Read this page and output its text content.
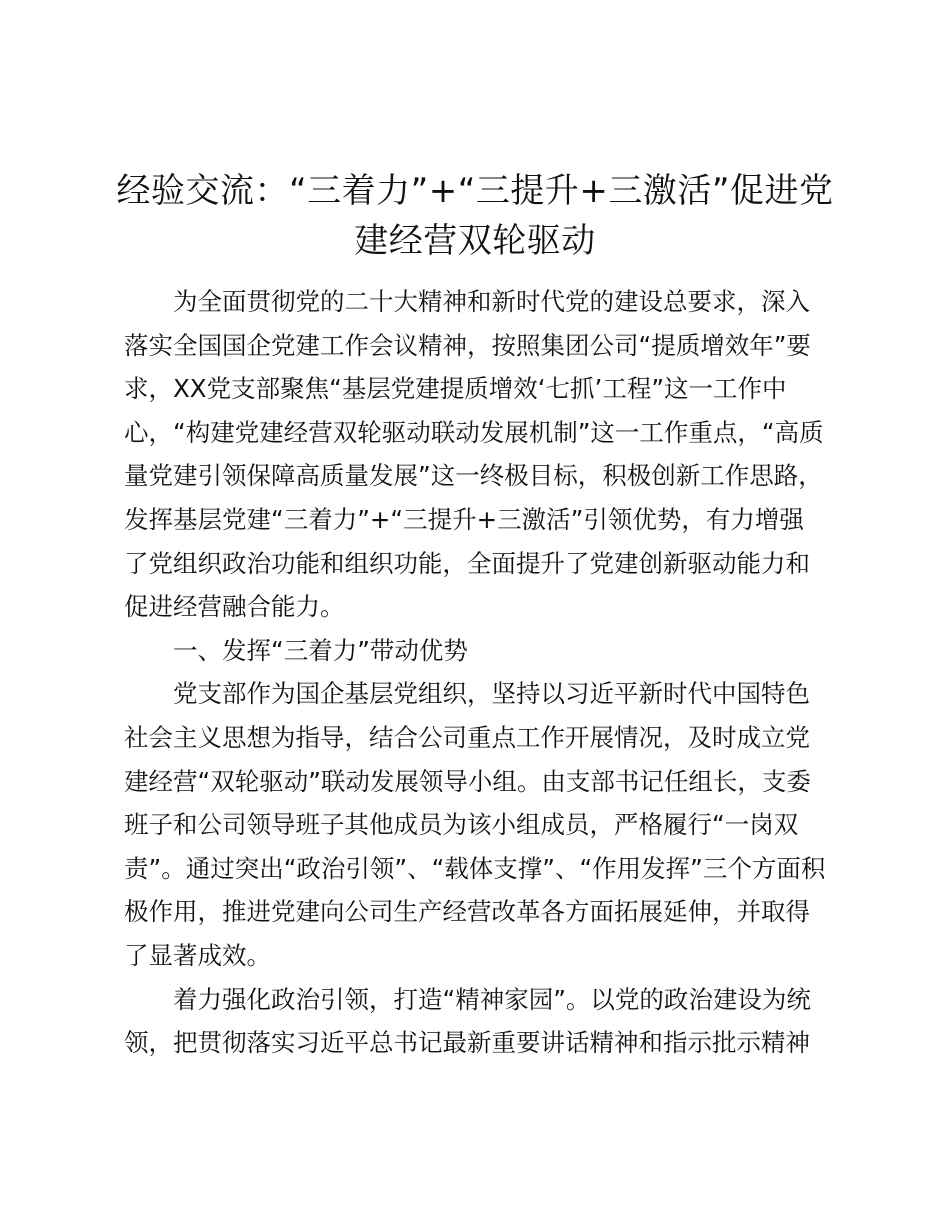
经验交流：“三着力”+“三提升+三激活”促进党
建经营双轮驱动
为全面贯彻党的二十大精神和新时代党的建设总要求，深入
落实全国国企党建工作会议精神，按照集团公司“提质增效年”要
求，XX党支部聚焦“基层党建提质增效‘七抓’工程”这一工作中
心，“构建党建经营双轮驱动联动发展机制”这一工作重点，“高质
量党建引领保障高质量发展”这一终极目标，积极创新工作思路，
发挥基层党建“三着力”+“三提升+三激活”引领优势，有力增强
了党组织政治功能和组织功能，全面提升了党建创新驱动能力和
促进经营融合能力。
一、发挥“三着力”带动优势
党支部作为国企基层党组织，坚持以习近平新时代中国特色
社会主义思想为指导，结合公司重点工作开展情况，及时成立党
建经营“双轮驱动”联动发展领导小组。由支部书记任组长，支委
班子和公司领导班子其他成员为该小组成员，严格履行“一岗双
责”。通过突出“政治引领”、“载体支撑”、“作用发挥”三个方面积
极作用，推进党建向公司生产经营改革各方面拓展延伸，并取得
了显著成效。
着力强化政治引领，打造“精神家园”。以党的政治建设为统
领，把贯彻落实习近平总书记最新重要讲话精神和指示批示精神
